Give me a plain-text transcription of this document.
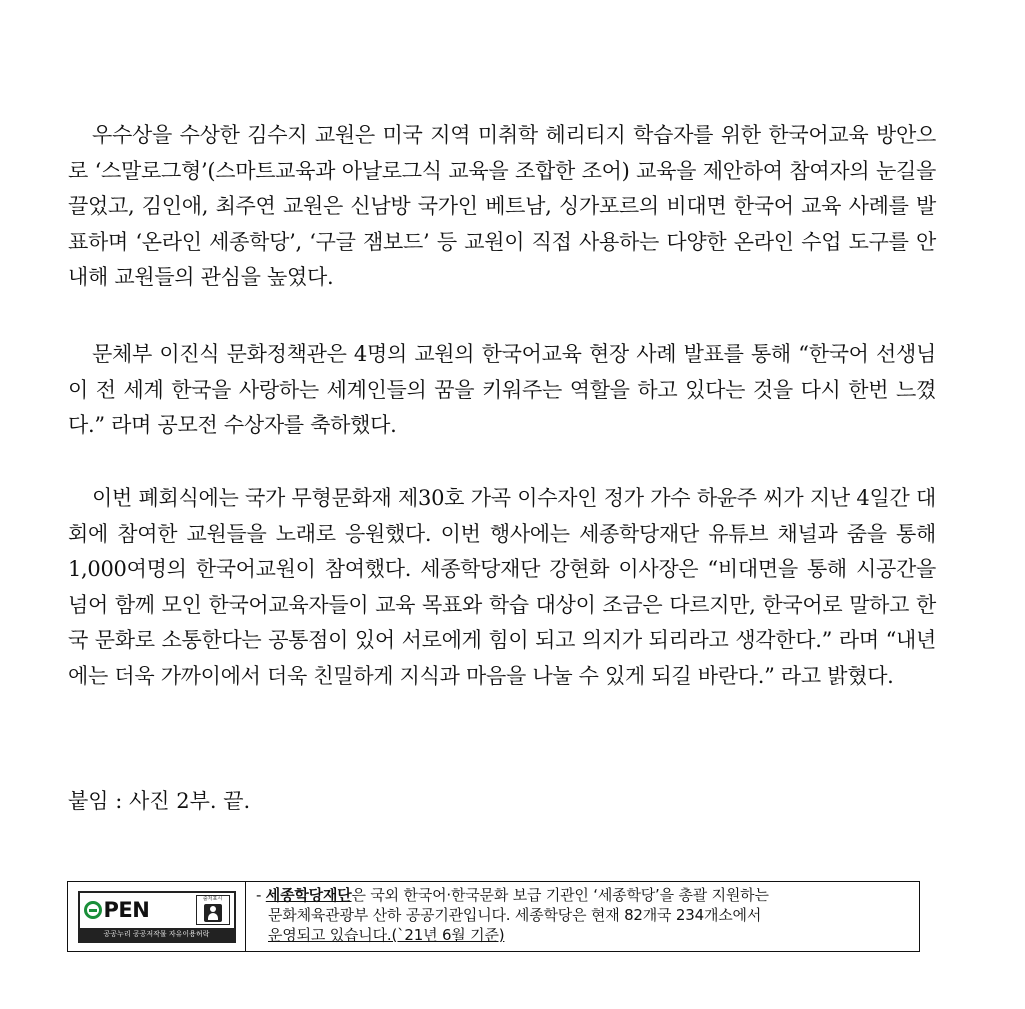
우수상을 수상한 김수지 교원은 미국 지역 미취학 헤리티지 학습자를 위한 한국어교육 방안으로 ‘스말로그형’(스마트교육과 아날로그식 교육을 조합한 조어) 교육을 제안하여 참여자의 눈길을 끌었고, 김인애, 최주연 교원은 신남방 국가인 베트남, 싱가포르의 비대면 한국어 교육 사례를 발표하며 ‘온라인 세종학당’, ‘구글 잼보드’ 등 교원이 직접 사용하는 다양한 온라인 수업 도구를 안내해 교원들의 관심을 높였다.

문체부 이진식 문화정책관은 4명의 교원의 한국어교육 현장 사례 발표를 통해 “한국어 선생님이 전 세계 한국을 사랑하는 세계인들의 꿈을 키워주는 역할을 하고 있다는 것을 다시 한번 느꼈다.” 라며 공모전 수상자를 축하했다.

이번 폐회식에는 국가 무형문화재 제30호 가곡 이수자인 정가 가수 하윤주 씨가 지난 4일간 대회에 참여한 교원들을 노래로 응원했다. 이번 행사에는 세종학당재단 유튜브 채널과 줌을 통해 1,000여명의 한국어교원이 참여했다. 세종학당재단 강현화 이사장은 “비대면을 통해 시공간을 넘어 함께 모인 한국어교육자들이 교육 목표와 학습 대상이 조금은 다르지만, 한국어로 말하고 한국 문화로 소통한다는 공통점이 있어 서로에게 힘이 되고 의지가 되리라고 생각한다.” 라며 “내년에는 더욱 가까이에서 더욱 친밀하게 지식과 마음을 나눌 수 있게 되길 바란다.” 라고 밝혔다.

붙임 : 사진 2부. 끝.

PEN	출처표시
공공누리 공공저작물 자유이용허락
- 세종학당재단은 국외 한국어·한국문화 보급 기관인 ‘세종학당’을 총괄 지원하는
문화체육관광부 산하 공공기관입니다. 세종학당은 현재 82개국 234개소에서
운영되고 있습니다.(`21년 6월 기준)
